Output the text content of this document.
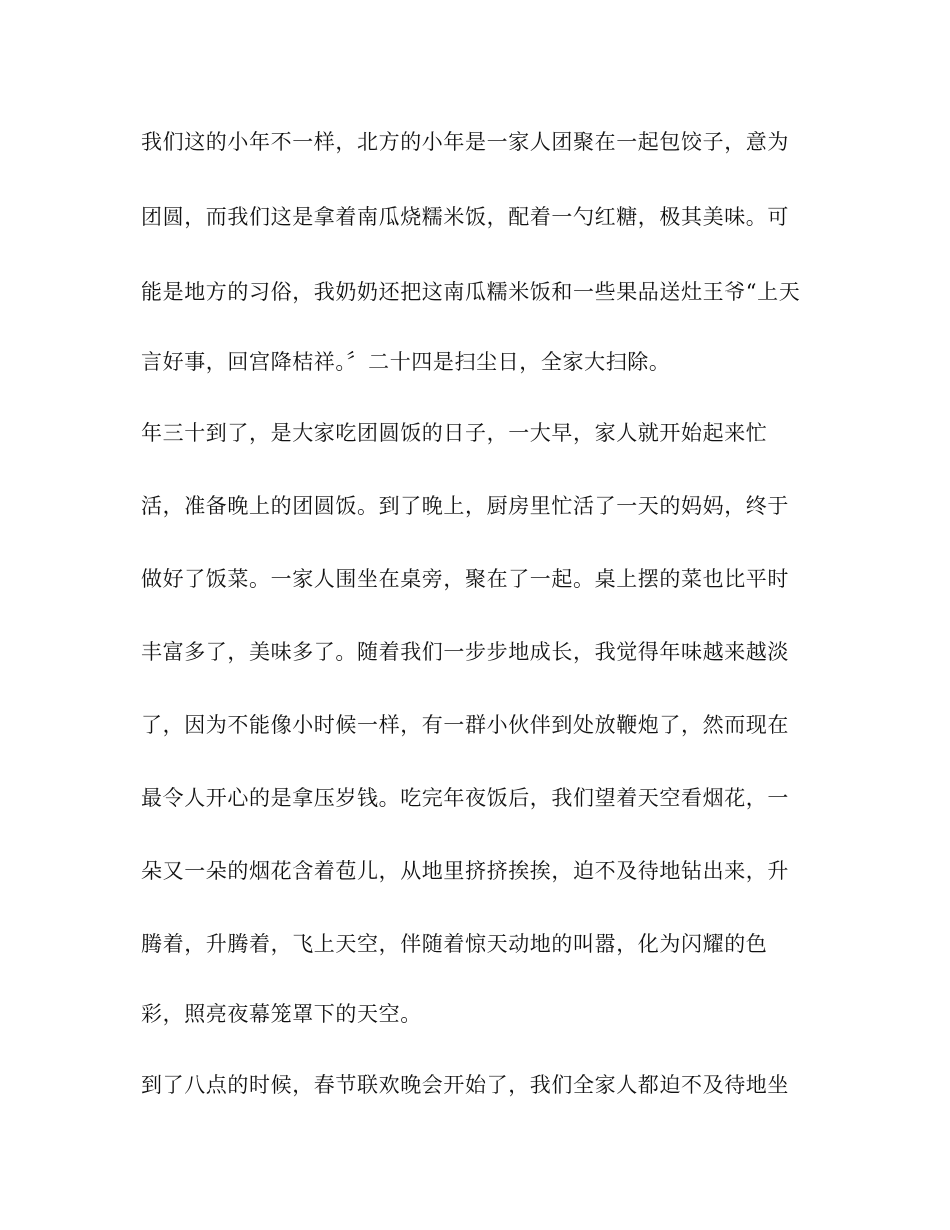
我们这的小年不一样，北方的小年是一家人团聚在一起包饺子，意为
团圆，而我们这是拿着南瓜烧糯米饭，配着一勺红糖，极其美味。可
能是地方的习俗，我奶奶还把这南瓜糯米饭和一些果品送灶王爷“上天
言好事，回宫降桔祥。〞二十四是扫尘日，全家大扫除。
年三十到了，是大家吃团圆饭的日子，一大早，家人就开始起来忙
活，准备晚上的团圆饭。到了晚上，厨房里忙活了一天的妈妈，终于
做好了饭菜。一家人围坐在桌旁，聚在了一起。桌上摆的菜也比平时
丰富多了，美味多了。随着我们一步步地成长，我觉得年味越来越淡
了，因为不能像小时候一样，有一群小伙伴到处放鞭炮了，然而现在
最令人开心的是拿压岁钱。吃完年夜饭后，我们望着天空看烟花，一
朵又一朵的烟花含着苞儿，从地里挤挤挨挨，迫不及待地钻出来，升
腾着，升腾着，飞上天空，伴随着惊天动地的叫嚣，化为闪耀的色
彩，照亮夜幕笼罩下的天空。
到了八点的时候，春节联欢晚会开始了，我们全家人都迫不及待地坐
